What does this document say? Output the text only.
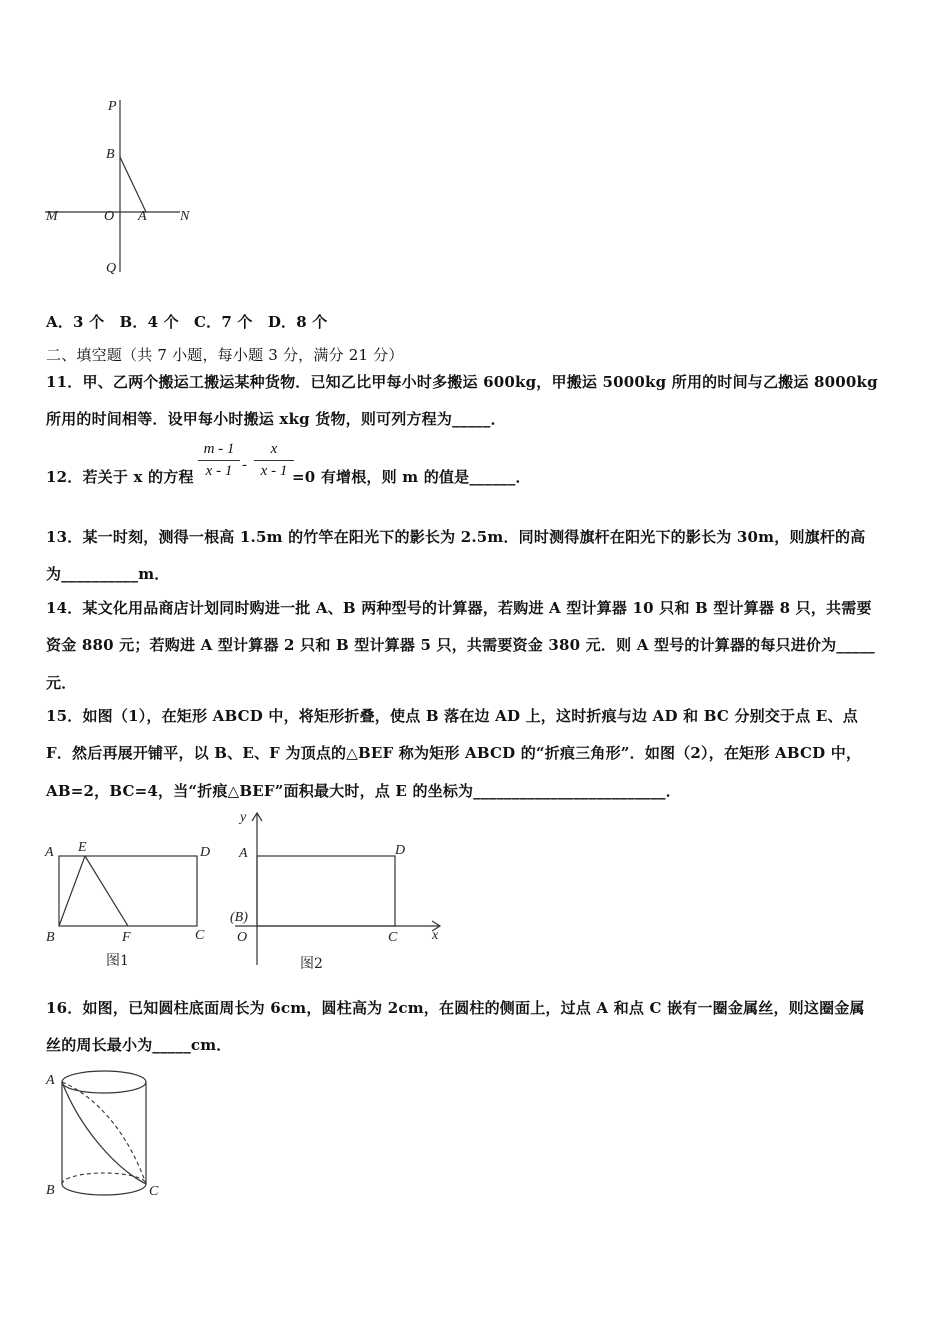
P
B
M	O A N
Q
A．3 个　B．4 个　C．7 个　D．8 个
二、填空题（共 7 小题，每小题 3 分，满分 21 分）
11．甲、乙两个搬运工搬运某种货物．已知乙比甲每小时多搬运 600kg，甲搬运 5000kg 所用的时间与乙搬运 8000kg
所用的时间相等．设甲每小时搬运 xkg 货物，则可列方程为_____．
12．若关于 x 的方程 $\frac{m - 1}{x - 1} - \frac{x}{x - 1}$
=0 有增根，则 m 的值是______．
13．某一时刻，测得一根高 1.5m 的竹竿在阳光下的影长为 2.5m．同时测得旗杆在阳光下的影长为 30m，则旗杆的高
为__________m．
14．某文化用品商店计划同时购进一批 A、B 两种型号的计算器，若购进 A 型计算器 10 只和 B 型计算器 8 只，共需要
资金 880 元；若购进 A 型计算器 2 只和 B 型计算器 5 只，共需要资金 380 元．则 A 型号的计算器的每只进价为_____
元．
15．如图（1），在矩形 ABCD 中，将矩形折叠，使点 B 落在边 AD 上，这时折痕与边 AD 和 BC 分别交于点 E、点
F．然后再展开铺平，以 B、E、F 为顶点的△BEF 称为矩形 ABCD 的“折痕三角形”．如图（2），在矩形 ABCD 中，
AB=2，BC=4，当“折痕△BEF”面积最大时，点 E 的坐标为_________________________．
A E	D
B	F	C
图1
y
A	D
(B)
O	C x
图2
16．如图，已知圆柱底面周长为 6cm，圆柱高为 2cm，在圆柱的侧面上，过点 A 和点 C 嵌有一圈金属丝，则这圈金属
丝的周长最小为_____cm．
A
B	C
